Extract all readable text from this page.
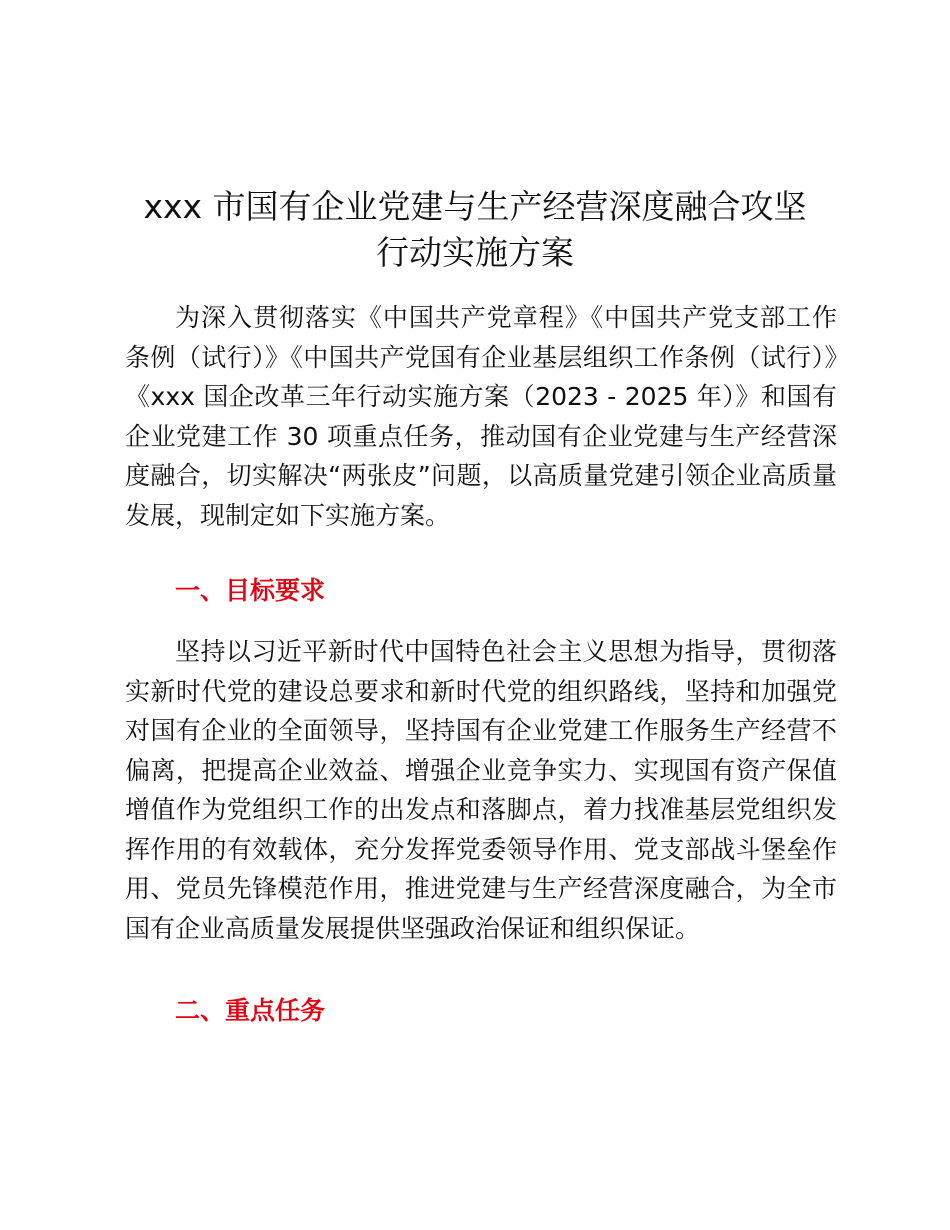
xxx 市国有企业党建与生产经营深度融合攻坚
行动实施方案

为深入贯彻落实《中国共产党章程》《中国共产党支部工作条例（试行）》《中国共产党国有企业基层组织工作条例（试行）》《xxx 国企改革三年行动实施方案（2023 - 2025 年）》和国有企业党建工作 30 项重点任务，推动国有企业党建与生产经营深度融合，切实解决“两张皮”问题，以高质量党建引领企业高质量发展，现制定如下实施方案。

一、目标要求

坚持以习近平新时代中国特色社会主义思想为指导，贯彻落实新时代党的建设总要求和新时代党的组织路线，坚持和加强党对国有企业的全面领导，坚持国有企业党建工作服务生产经营不偏离，把提高企业效益、增强企业竞争实力、实现国有资产保值增值作为党组织工作的出发点和落脚点，着力找准基层党组织发挥作用的有效载体，充分发挥党委领导作用、党支部战斗堡垒作用、党员先锋模范作用，推进党建与生产经营深度融合，为全市国有企业高质量发展提供坚强政治保证和组织保证。

二、重点任务
